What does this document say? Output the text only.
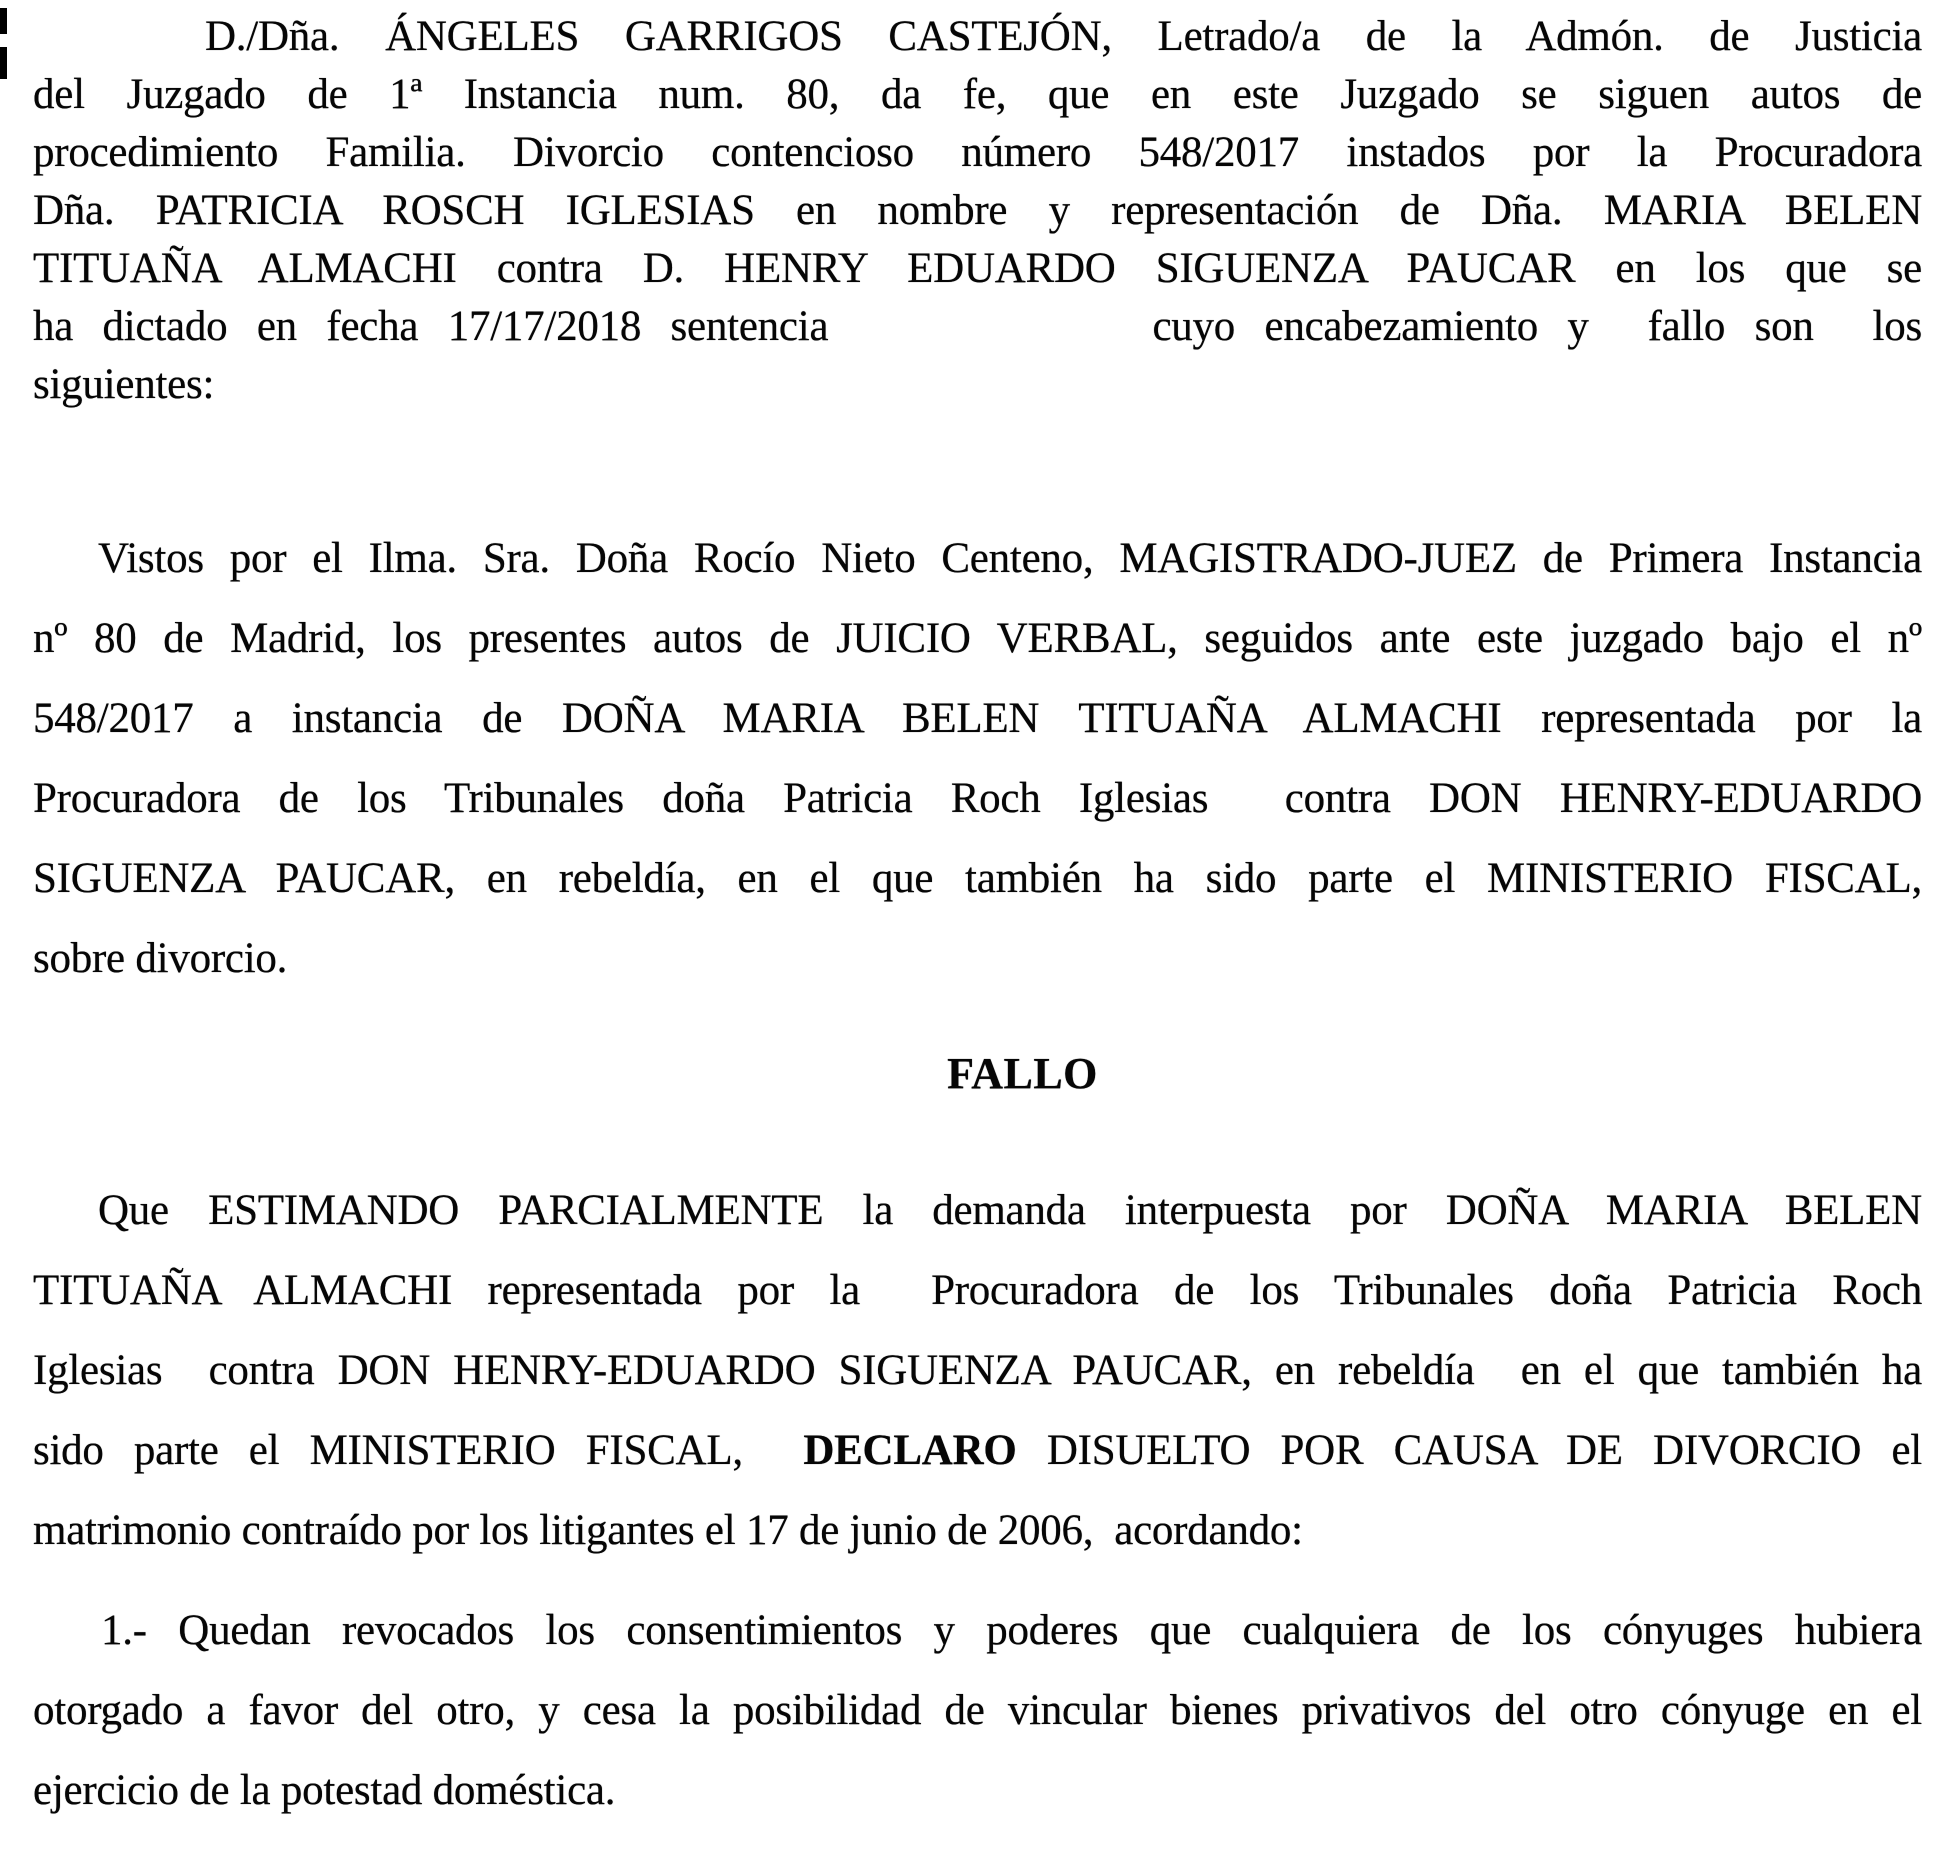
D./Dña. ÁNGELES GARRIGOS CASTEJÓN, Letrado/a de la Admón. de Justicia
del Juzgado de 1ª Instancia num. 80, da fe, que en este Juzgado se siguen autos de
procedimiento Familia. Divorcio contencioso número 548/2017 instados por la Procuradora
Dña. PATRICIA ROSCH IGLESIAS en nombre y representación de Dña. MARIA BELEN
TITUAÑA ALMACHI contra D. HENRY EDUARDO SIGUENZA PAUCAR en los que se
ha dictado en fecha 17/17/2018 sentencia           cuyo encabezamiento y  fallo son  los
siguientes:
Vistos por el Ilma. Sra. Doña Rocío Nieto Centeno, MAGISTRADO-JUEZ de Primera Instancia
nº 80 de Madrid, los presentes autos de JUICIO VERBAL, seguidos ante este juzgado bajo el nº
548/2017 a instancia de DOÑA MARIA BELEN TITUAÑA ALMACHI representada por la
Procuradora de los Tribunales doña Patricia Roch Iglesias  contra DON HENRY-EDUARDO
SIGUENZA PAUCAR, en rebeldía, en el que también ha sido parte el MINISTERIO FISCAL,
sobre divorcio.
FALLO
Que ESTIMANDO PARCIALMENTE la demanda interpuesta por DOÑA MARIA BELEN
TITUAÑA ALMACHI representada por la  Procuradora de los Tribunales doña Patricia Roch
Iglesias  contra DON HENRY-EDUARDO SIGUENZA PAUCAR, en rebeldía  en el que también ha
sido parte el MINISTERIO FISCAL,  DECLARO DISUELTO POR CAUSA DE DIVORCIO el
matrimonio contraído por los litigantes el 17 de junio de 2006,  acordando:
1.- Quedan revocados los consentimientos y poderes que cualquiera de los cónyuges hubiera
otorgado a favor del otro, y cesa la posibilidad de vincular bienes privativos del otro cónyuge en el
ejercicio de la potestad doméstica.
